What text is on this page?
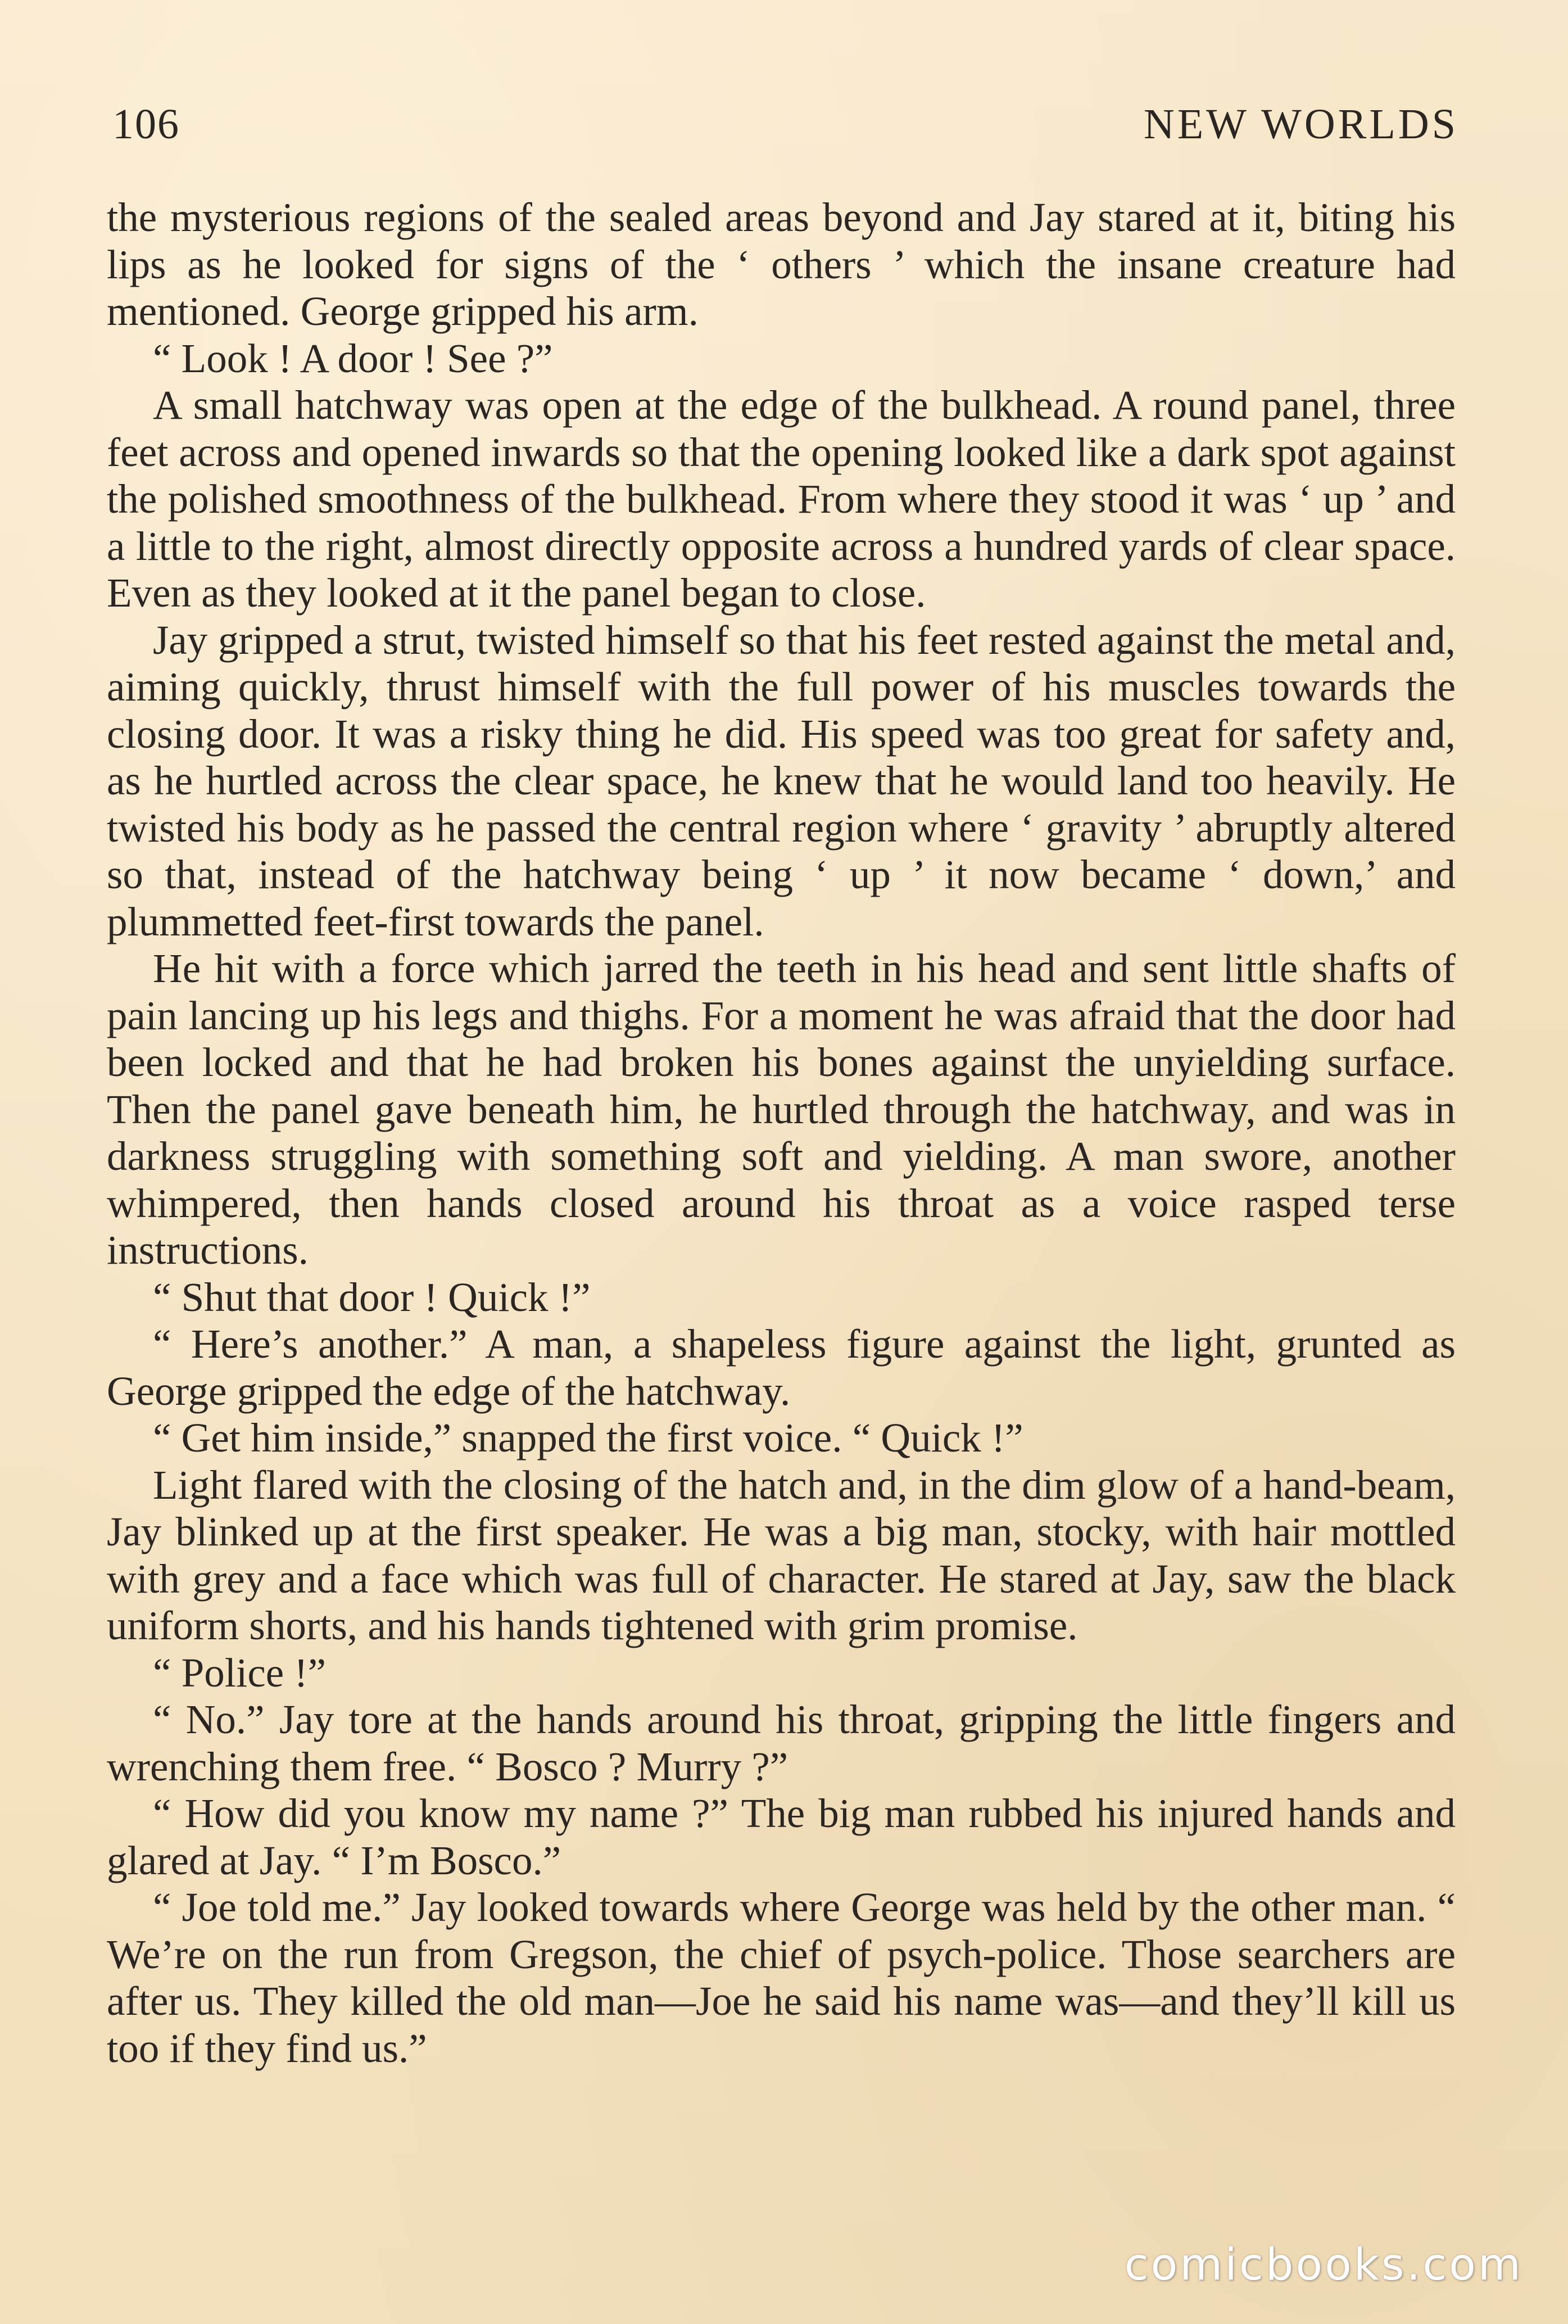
106	NEW WORLDS

the mysterious regions of the sealed areas beyond and Jay stared at it, biting his lips as he looked for signs of the ‘ others ’ which the insane creature had mentioned. George gripped his arm.

“ Look ! A door ! See ?”

A small hatchway was open at the edge of the bulkhead. A round panel, three feet across and opened inwards so that the opening looked like a dark spot against the polished smoothness of the bulkhead. From where they stood it was ‘ up ’ and a little to the right, almost directly opposite across a hundred yards of clear space. Even as they looked at it the panel began to close.

Jay gripped a strut, twisted himself so that his feet rested against the metal and, aiming quickly, thrust himself with the full power of his muscles towards the closing door. It was a risky thing he did. His speed was too great for safety and, as he hurtled across the clear space, he knew that he would land too heavily. He twisted his body as he passed the central region where ‘ gravity ’ abruptly altered so that, instead of the hatchway being ‘ up ’ it now became ‘ down,’ and plummetted feet-first towards the panel.

He hit with a force which jarred the teeth in his head and sent little shafts of pain lancing up his legs and thighs. For a moment he was afraid that the door had been locked and that he had broken his bones against the unyielding surface. Then the panel gave beneath him, he hurtled through the hatchway, and was in darkness struggling with something soft and yielding. A man swore, another whimpered, then hands closed around his throat as a voice rasped terse instructions.

“ Shut that door ! Quick !”

“ Here’s another.” A man, a shapeless figure against the light, grunted as George gripped the edge of the hatchway.

“ Get him inside,” snapped the first voice. “ Quick !”

Light flared with the closing of the hatch and, in the dim glow of a hand-beam, Jay blinked up at the first speaker. He was a big man, stocky, with hair mottled with grey and a face which was full of character. He stared at Jay, saw the black uniform shorts, and his hands tightened with grim promise.

“ Police !”

“ No.” Jay tore at the hands around his throat, gripping the little fingers and wrenching them free. “ Bosco ? Murry ?”

“ How did you know my name ?” The big man rubbed his injured hands and glared at Jay. “ I’m Bosco.”

“ Joe told me.” Jay looked towards where George was held by the other man. “ We’re on the run from Gregson, the chief of psych-police. Those searchers are after us. They killed the old man—Joe he said his name was—and they’ll kill us too if they find us.”

comicbooks.com
